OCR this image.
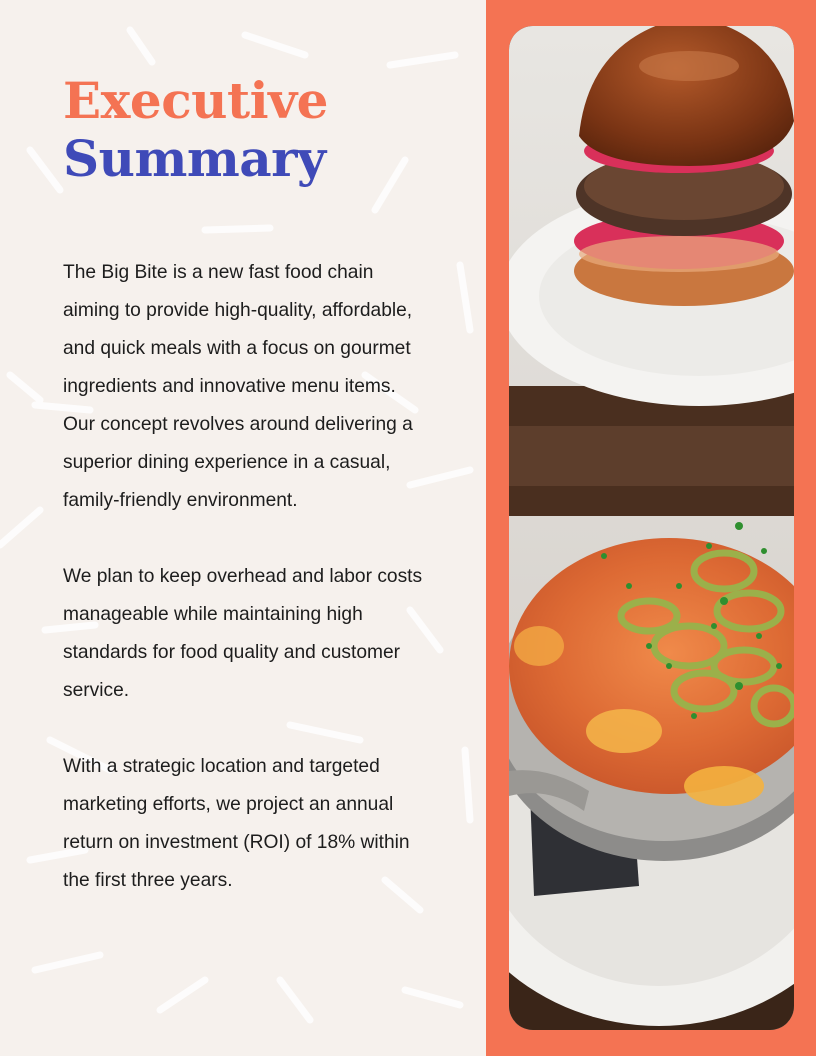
Executive
Summary

The Big Bite is a new fast food chain aiming to provide high-quality, affordable, and quick meals with a focus on gourmet ingredients and innovative menu items. Our concept revolves around delivering a superior dining experience in a casual, family-friendly environment.

We plan to keep overhead and labor costs manageable while maintaining high standards for food quality and customer service.

With a strategic location and targeted marketing efforts, we project an annual return on investment (ROI) of 18% within the first three years.
